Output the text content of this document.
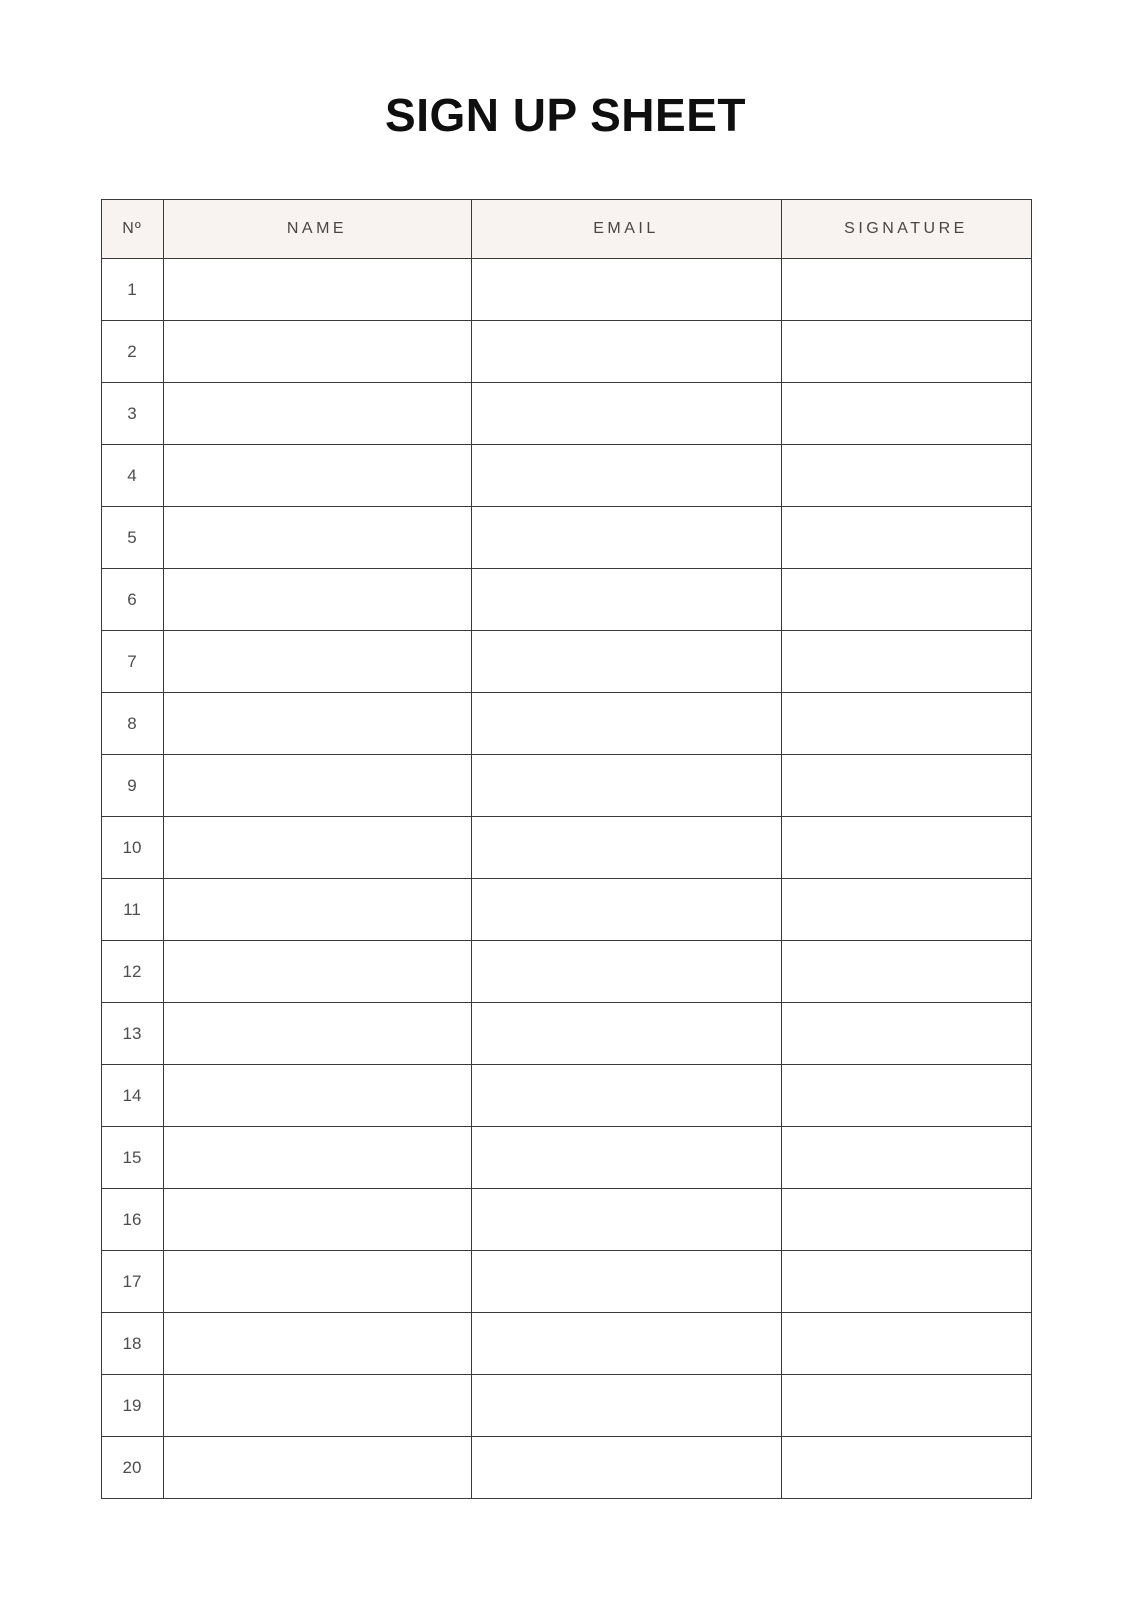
SIGN UP SHEET
Nº	NAME	EMAIL	SIGNATURE
1			
2			
3			
4			
5			
6			
7			
8			
9			
10			
11			
12			
13			
14			
15			
16			
17			
18			
19			
20			
